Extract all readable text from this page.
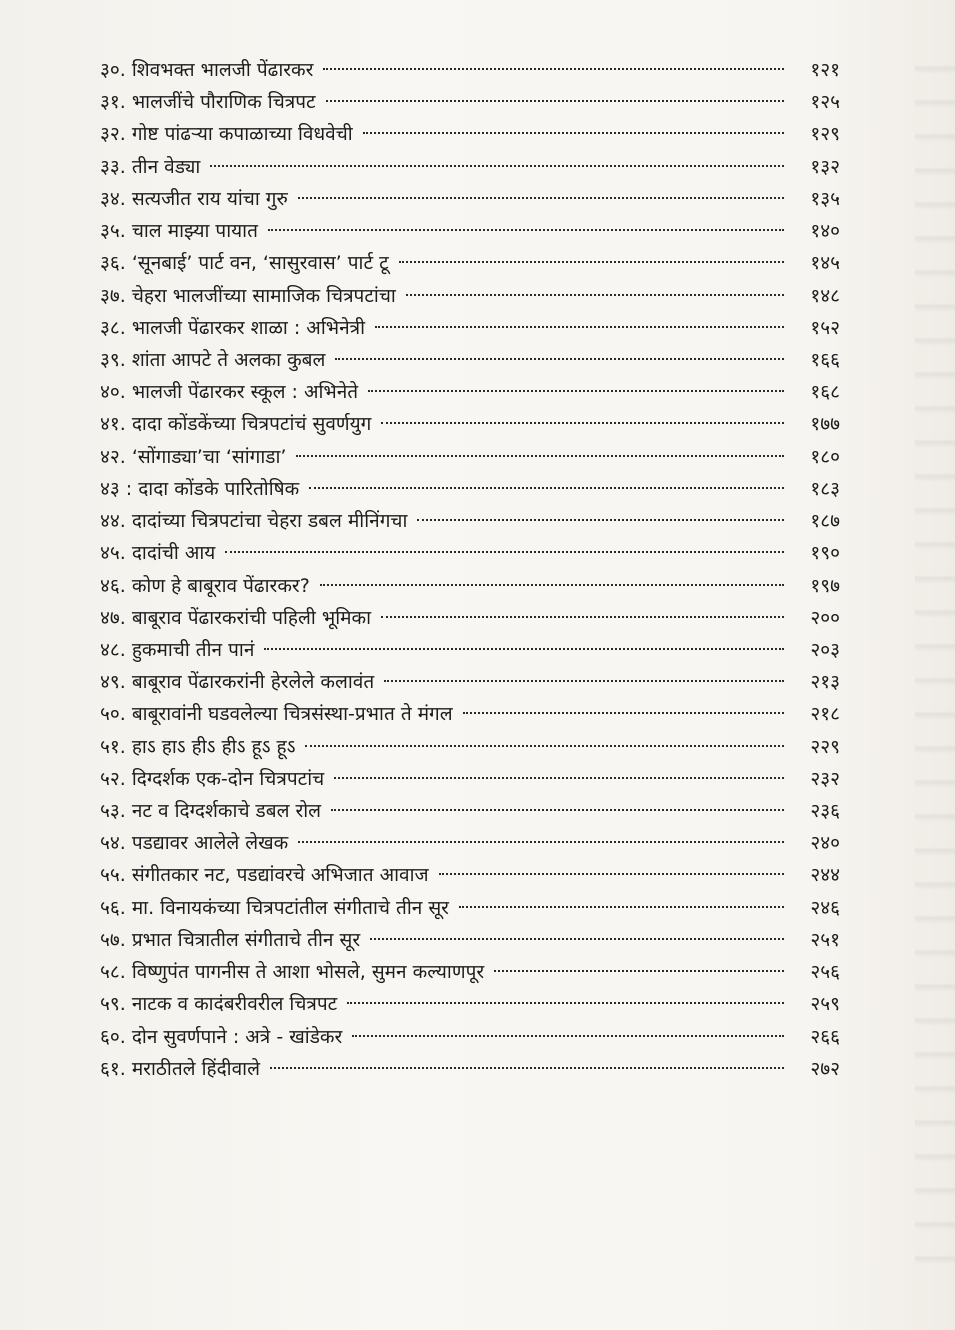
३०. शिवभक्त भालजी पेंढारकर	१२१
३१. भालजींचे पौराणिक चित्रपट	१२५
३२. गोष्ट पांढऱ्या कपाळाच्या विधवेची	१२९
३३. तीन वेड्या	१३२
३४. सत्यजीत राय यांचा गुरु	१३५
३५. चाल माझ्या पायात	१४०
३६. ‘सूनबाई’ पार्ट वन, ‘सासुरवास’ पार्ट टू	१४५
३७. चेहरा भालजींच्या सामाजिक चित्रपटांचा	१४८
३८. भालजी पेंढारकर शाळा : अभिनेत्री	१५२
३९. शांता आपटे ते अलका कुबल	१६६
४०. भालजी पेंढारकर स्कूल : अभिनेते	१६८
४१. दादा कोंडकेंच्या चित्रपटांचं सुवर्णयुग	१७७
४२. ‘सोंगाड्या’चा ‘सांगाडा’	१८०
४३ : दादा कोंडके पारितोषिक	१८३
४४. दादांच्या चित्रपटांचा चेहरा डबल मीनिंगचा	१८७
४५. दादांची आय	१९०
४६. कोण हे बाबूराव पेंढारकर?	१९७
४७. बाबूराव पेंढारकरांची पहिली भूमिका	२००
४८. हुकमाची तीन पानं	२०३
४९. बाबूराव पेंढारकरांनी हेरलेले कलावंत	२१३
५०. बाबूरावांनी घडवलेल्या चित्रसंस्था-प्रभात ते मंगल	२१८
५१. हाऽ हाऽ हीऽ हीऽ हूऽ हूऽ	२२९
५२. दिग्दर्शक एक-दोन चित्रपटांच	२३२
५३. नट व दिग्दर्शकाचे डबल रोल	२३६
५४. पडद्यावर आलेले लेखक	२४०
५५. संगीतकार नट, पडद्यांवरचे अभिजात आवाज	२४४
५६. मा. विनायकंच्या चित्रपटांतील संगीताचे तीन सूर	२४६
५७. प्रभात चित्रातील संगीताचे तीन सूर	२५१
५८. विष्णुपंत पागनीस ते आशा भोसले, सुमन कल्याणपूर	२५६
५९. नाटक व कादंबरीवरील चित्रपट	२५९
६०. दोन सुवर्णपाने : अत्रे - खांडेकर	२६६
६१. मराठीतले हिंदीवाले	२७२
